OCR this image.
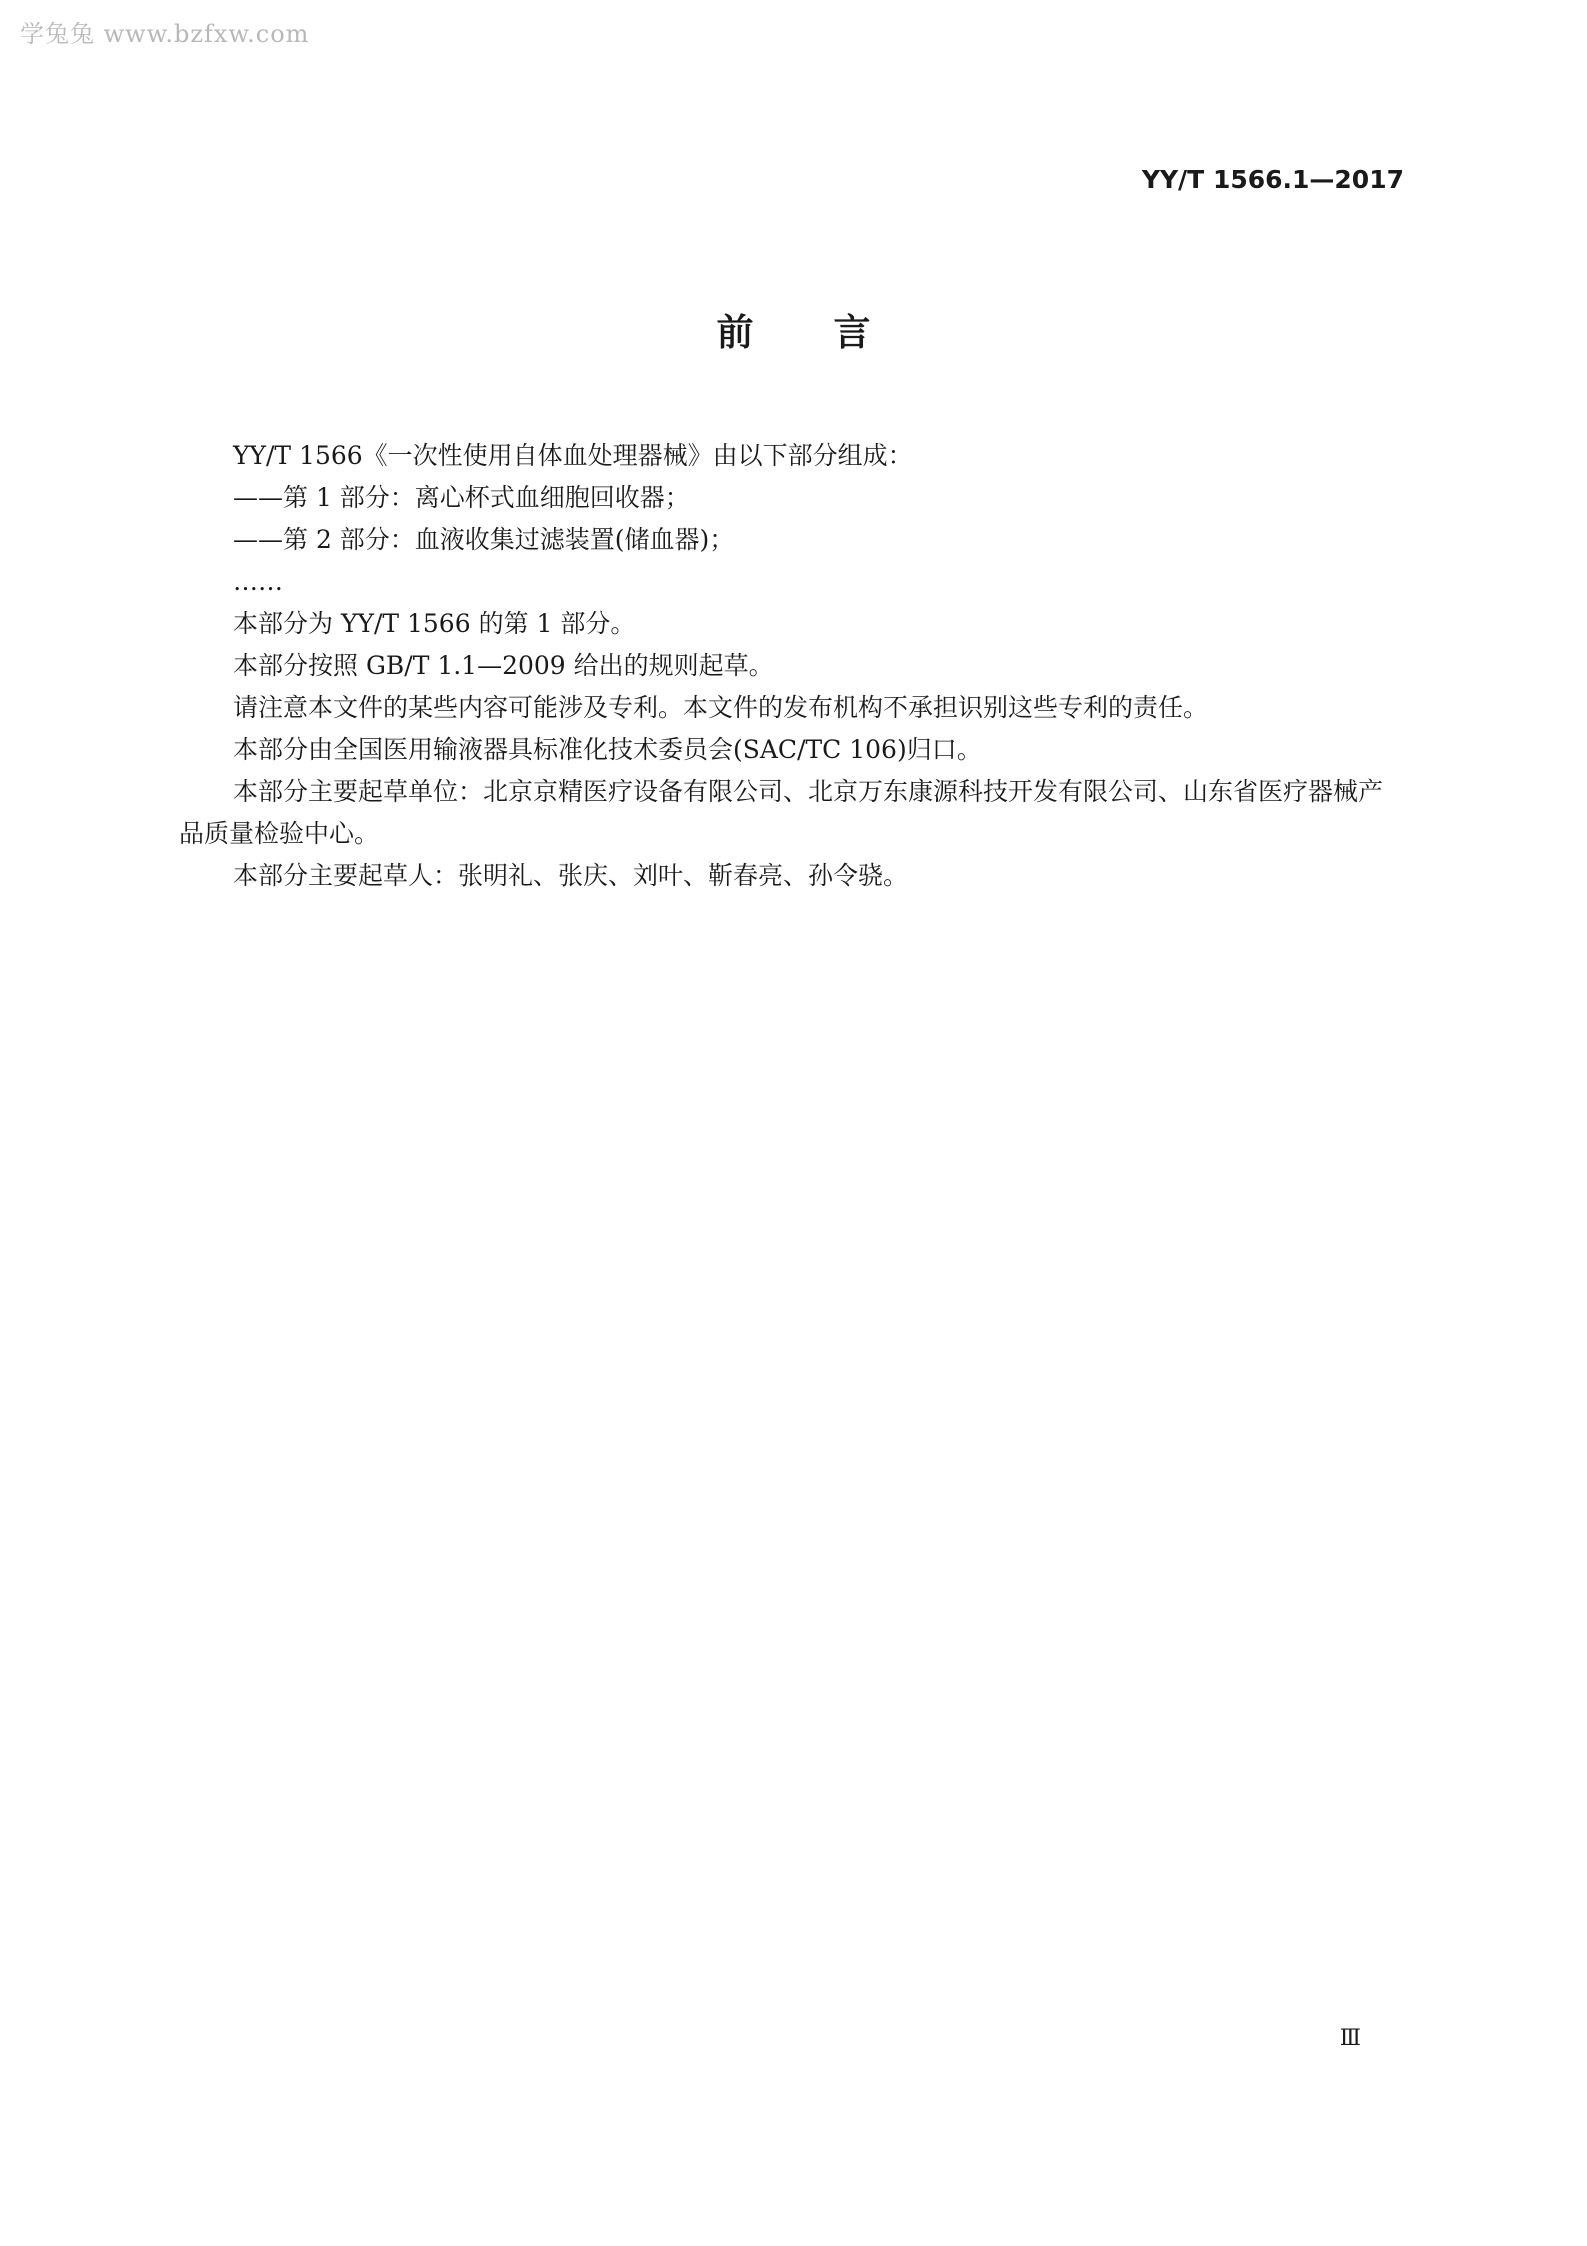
学兔兔 www.bzfxw.com
YY/T 1566.1—2017
前言

YY/T 1566《一次性使用自体血处理器械》由以下部分组成：

——第 1 部分：离心杯式血细胞回收器；

——第 2 部分：血液收集过滤装置(储血器)；

……

本部分为 YY/T 1566 的第 1 部分。

本部分按照 GB/T 1.1—2009 给出的规则起草。

请注意本文件的某些内容可能涉及专利。本文件的发布机构不承担识别这些专利的责任。

本部分由全国医用输液器具标准化技术委员会(SAC/TC 106)归口。

本部分主要起草单位：北京京精医疗设备有限公司、北京万东康源科技开发有限公司、山东省医疗器械产品质量检验中心。

本部分主要起草人：张明礼、张庆、刘叶、靳春亮、孙令骁。

Ⅲ
